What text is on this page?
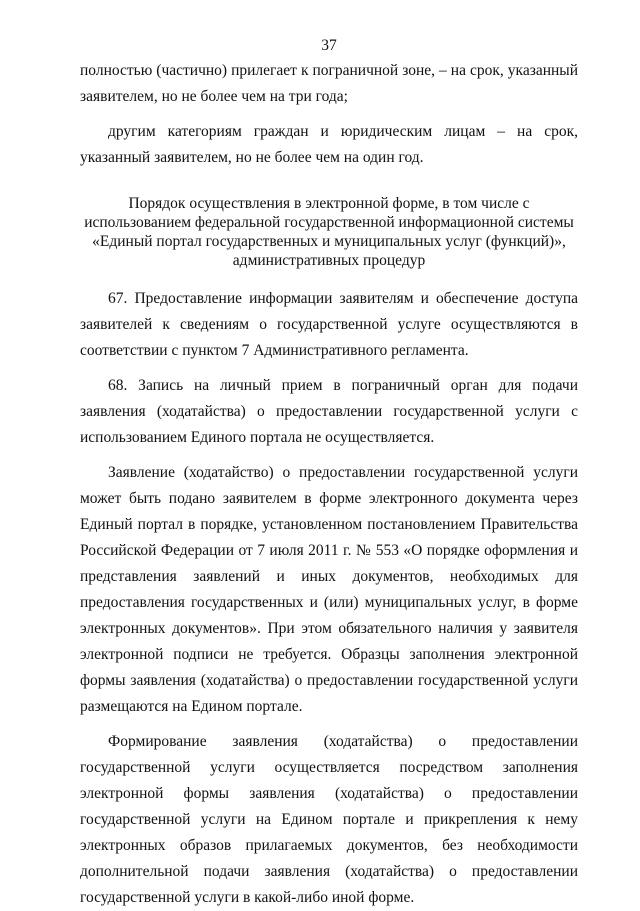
37

полностью (частично) прилегает к пограничной зоне, – на срок, указанный заявителем, но не более чем на три года;

другим категориям граждан и юридическим лицам – на срок, указанный заявителем, но не более чем на один год.

Порядок осуществления в электронной форме, в том числе с
использованием федеральной государственной информационной системы
«Единый портал государственных и муниципальных услуг (функций)»,
административных процедур

67. Предоставление информации заявителям и обеспечение доступа заявителей к сведениям о государственной услуге осуществляются в соответствии с пунктом 7 Административного регламента.

68. Запись на личный прием в пограничный орган для подачи заявления (ходатайства) о предоставлении государственной услуги с использованием Единого портала не осуществляется.

Заявление (ходатайство) о предоставлении государственной услуги может быть подано заявителем в форме электронного документа через Единый портал в порядке, установленном постановлением Правительства Российской Федерации от 7 июля 2011 г. № 553 «О порядке оформления и представления заявлений и иных документов, необходимых для предоставления государственных и (или) муниципальных услуг, в форме электронных документов». При этом обязательного наличия у заявителя электронной подписи не требуется. Образцы заполнения электронной формы заявления (ходатайства) о предоставлении государственной услуги размещаются на Едином портале.

Формирование заявления (ходатайства) о предоставлении государственной услуги осуществляется посредством заполнения электронной формы заявления (ходатайства) о предоставлении государственной услуги на Едином портале и прикрепления к нему электронных образов прилагаемых документов, без необходимости дополнительной подачи заявления (ходатайства) о предоставлении государственной услуги в какой-либо иной форме.
